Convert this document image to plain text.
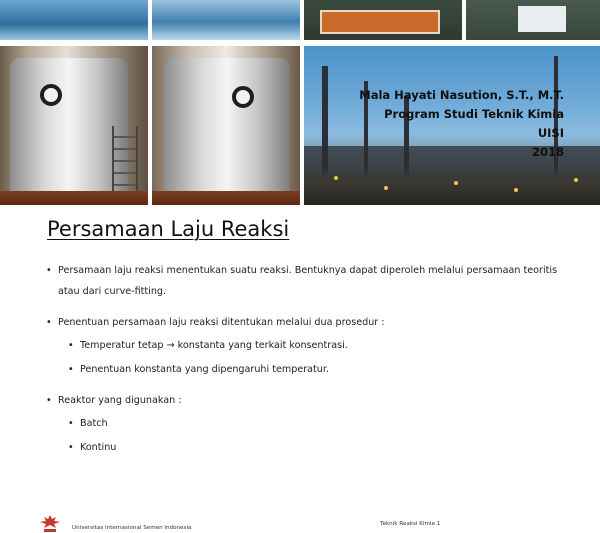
Mala Hayati Nasution, S.T., M.T.
Program Studi Teknik Kimia
UISI
2018
Persamaan Laju Reaksi
• Persamaan laju reaksi menentukan suatu reaksi. Bentuknya dapat diperoleh melalui persamaan teoritis atau dari curve-fitting.
• Penentuan persamaan laju reaksi ditentukan melalui dua prosedur :
• Temperatur tetap → konstanta yang terkait konsentrasi.
• Penentuan konstanta yang dipengaruhi temperatur.
• Reaktor yang digunakan :
• Batch
• Kontinu
Universitas Internasional Semen Indonesia
Teknik Reaksi Kimia 1
